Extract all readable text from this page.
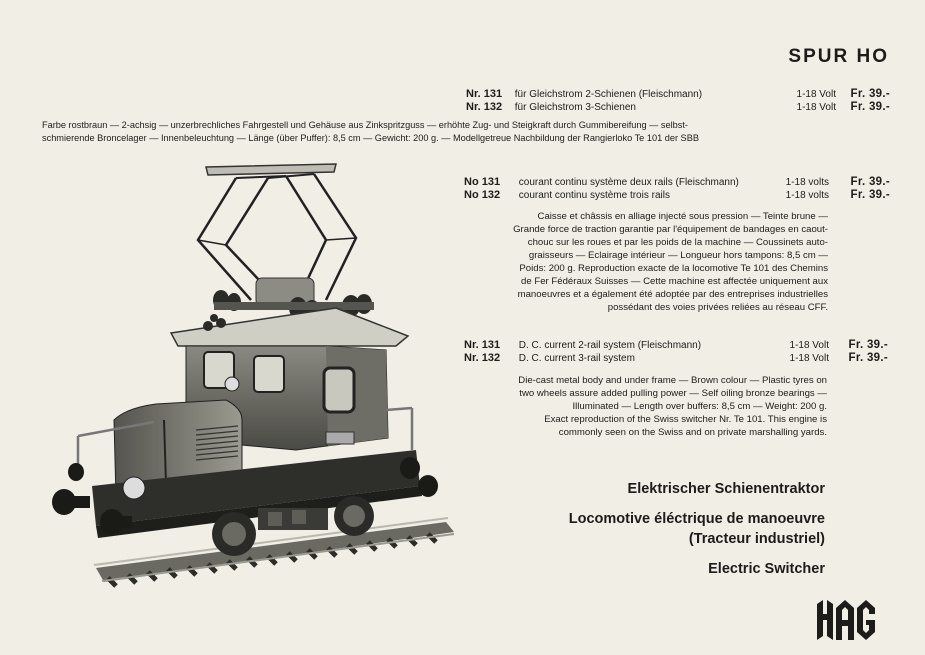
SPUR HO
Nr. 131 für Gleichstrom 2-Schienen (Fleischmann)	1-18 Volt	Fr. 39.-
Nr. 132 für Gleichstrom 3-Schienen	1-18 Volt	Fr. 39.-
Farbe rostbraun — 2-achsig — unzerbrechliches Fahrgestell und Gehäuse aus Zinkspritzguss — erhöhte Zug- und Steigkraft durch Gummibereifung — selbst-
schmierende Broncelager — Innenbeleuchtung — Länge (über Puffer): 8,5 cm — Gewicht: 200 g. — Modellgetreue Nachbildung der Rangierloko Te 101 der SBB
No 131 courant continu système deux rails (Fleischmann)	1-18 volts	Fr. 39.-
No 132 courant continu système trois rails	1-18 volts	Fr. 39.-
Caisse et châssis en alliage injecté sous pression — Teinte brune —
Grande force de traction garantie par l'équipement de bandages en caout-
chouc sur les roues et par les poids de la machine — Coussinets auto-
graisseurs — Eclairage intérieur — Longueur hors tampons: 8,5 cm —
Poids: 200 g. Reproduction exacte de la locomotive Te 101 des Chemins
de Fer Fédéraux Suisses — Cette machine est affectée uniquement aux
manoeuvres et a également été adoptée par des entreprises industrielles
possédant des voies privées reliées au réseau CFF.
Nr. 131 D. C. current 2-rail system (Fleischmann)	1-18 Volt	Fr. 39.-
Nr. 132 D. C. current 3-rail system	1-18 Volt	Fr. 39.-
Die-cast metal body and under frame — Brown colour — Plastic tyres on
two wheels assure added pulling power — Self oiling bronze bearings —
Illuminated — Length over buffers: 8,5 cm — Weight: 200 g.
Exact reproduction of the Swiss switcher Nr. Te 101. This engine is
commonly seen on the Swiss and on private marshalling yards.
Elektrischer Schienentraktor
Locomotive éléctrique de manoeuvre
(Tracteur industriel)
Electric Switcher
